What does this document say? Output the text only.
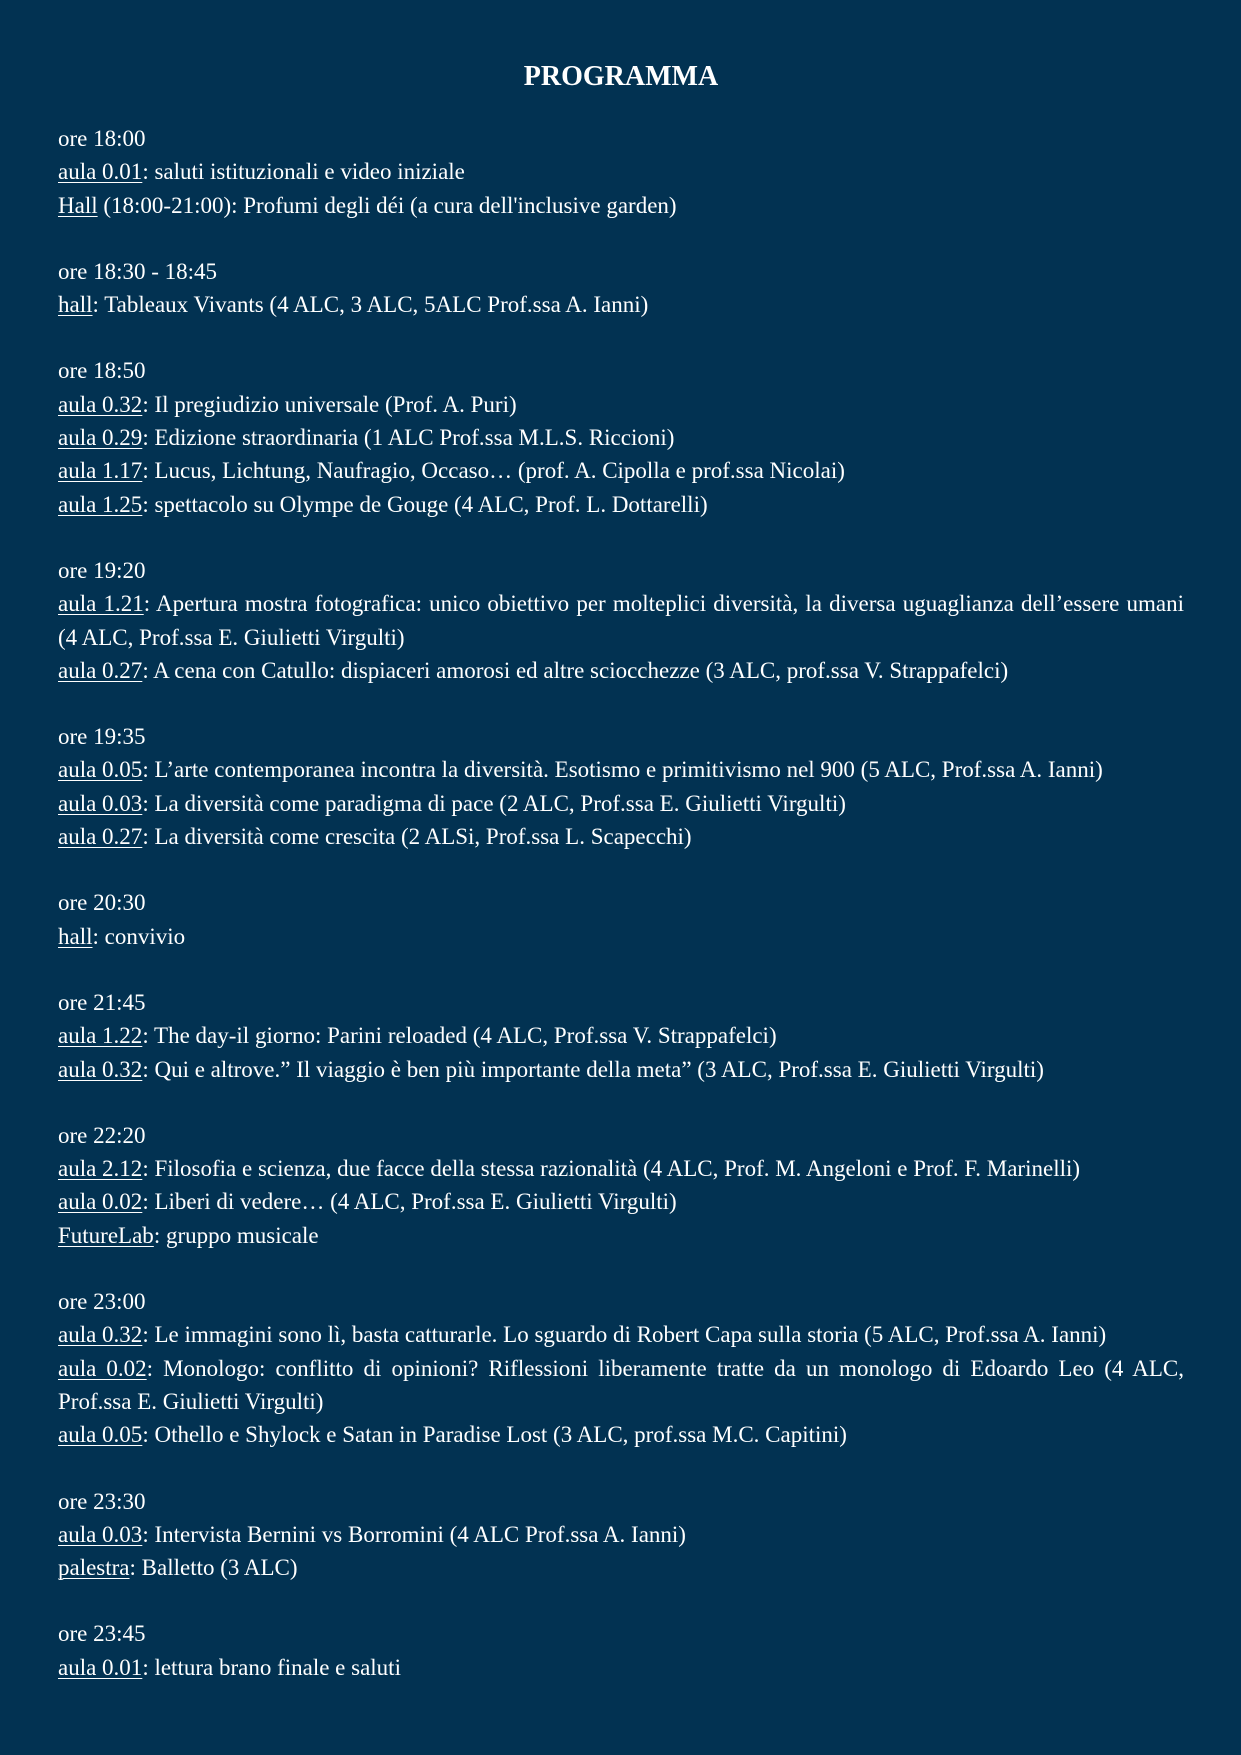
PROGRAMMA
ore 18:00
aula 0.01: saluti istituzionali e video iniziale
Hall (18:00-21:00): Profumi degli déi (a cura dell'inclusive garden)
ore 18:30 - 18:45
hall: Tableaux Vivants (4 ALC, 3 ALC, 5ALC Prof.ssa A. Ianni)
ore 18:50
aula 0.32: Il pregiudizio universale (Prof. A. Puri)
aula 0.29: Edizione straordinaria (1 ALC Prof.ssa M.L.S. Riccioni)
aula 1.17: Lucus, Lichtung, Naufragio, Occaso… (prof. A. Cipolla e prof.ssa Nicolai)
aula 1.25: spettacolo su Olympe de Gouge (4 ALC, Prof. L. Dottarelli)
ore 19:20
aula 1.21: Apertura mostra fotografica: unico obiettivo per molteplici diversità, la diversa uguaglianza dell’essere umani (4 ALC, Prof.ssa E. Giulietti Virgulti)
aula 0.27: A cena con Catullo: dispiaceri amorosi ed altre sciocchezze (3 ALC, prof.ssa V. Strappafelci)
ore 19:35
aula 0.05: L’arte contemporanea incontra la diversità. Esotismo e primitivismo nel 900 (5 ALC, Prof.ssa A. Ianni)
aula 0.03: La diversità come paradigma di pace (2 ALC, Prof.ssa E. Giulietti Virgulti)
aula 0.27: La diversità come crescita (2 ALSi, Prof.ssa L. Scapecchi)
ore 20:30
hall: convivio
ore 21:45
aula 1.22: The day-il giorno: Parini reloaded (4 ALC, Prof.ssa V. Strappafelci)
aula 0.32: Qui e altrove.” Il viaggio è ben più importante della meta” (3 ALC, Prof.ssa E. Giulietti Virgulti)
ore 22:20
aula 2.12: Filosofia e scienza, due facce della stessa razionalità (4 ALC, Prof. M. Angeloni e Prof. F. Marinelli)
aula 0.02: Liberi di vedere… (4 ALC, Prof.ssa E. Giulietti Virgulti)
FutureLab: gruppo musicale
ore 23:00
aula 0.32: Le immagini sono lì, basta catturarle. Lo sguardo di Robert Capa sulla storia (5 ALC, Prof.ssa A. Ianni)
aula 0.02: Monologo: conflitto di opinioni? Riflessioni liberamente tratte da un monologo di Edoardo Leo (4 ALC, Prof.ssa E. Giulietti Virgulti)
aula 0.05: Othello e Shylock e Satan in Paradise Lost (3 ALC, prof.ssa M.C. Capitini)
ore 23:30
aula 0.03: Intervista Bernini vs Borromini (4 ALC Prof.ssa A. Ianni)
palestra: Balletto (3 ALC)
ore 23:45
aula 0.01: lettura brano finale e saluti
